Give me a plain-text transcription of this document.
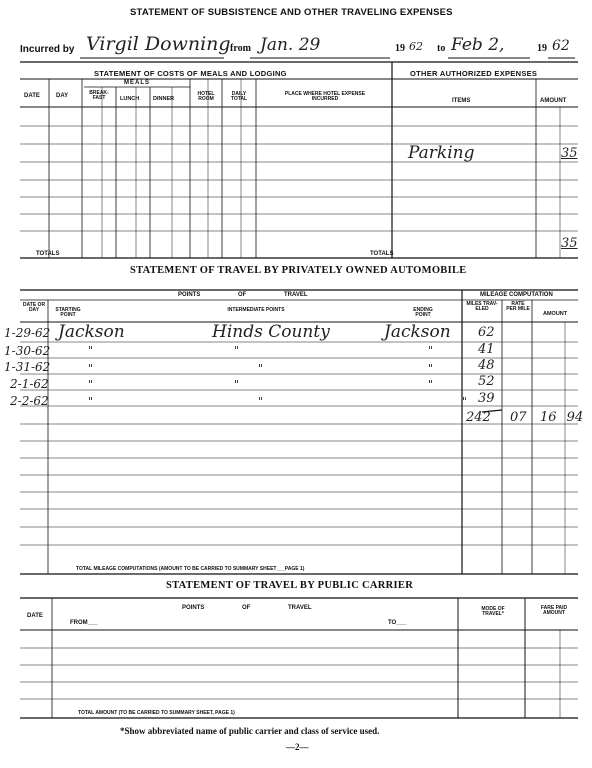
STATEMENT OF SUBSISTENCE AND OTHER TRAVELING EXPENSES
Incurred by Virgil Downing from Jan. 29	19 62 to Feb 2,	19 62
STATEMENT OF COSTS OF MEALS AND LODGING	OTHER AUTHORIZED EXPENSES
DATE	DAY
MEALS
BREAK-FAST	LUNCH	DINNER
HOTEL ROOM
DAILY TOTAL
PLACE WHERE HOTEL EXPENSE INCURRED	ITEMS	AMOUNT
Parking	35
TOTALS	TOTALS
35
STATEMENT OF TRAVEL BY PRIVATELY OWNED AUTOMOBILE
POINTS OF TRAVEL	MILEAGE COMPUTATION
DATE OR DAY	STARTING POINT
INTERMEDIATE POINTS	ENDING POINT
MILES TRAV-ELED
RATE PER MILE
AMOUNT
1-29-62 Jackson	Hinds County	Jackson 62
1-30-62	"	"	"	41
1-31-62	"	"	"	48
2-1-62	"	"	"	52
2-2-62	"	"	" 39
242 07 16 94
TOTAL MILEAGE COMPUTATIONS (AMOUNT TO BE CARRIED TO SUMMARY SHEET___PAGE 1)
STATEMENT OF TRAVEL BY PUBLIC CARRIER
DATE
POINTS OF TRAVEL
FROM___	TO___
MODE OF TRAVEL*
FARE PAID AMOUNT
TOTAL AMOUNT (TO BE CARRIED TO SUMMARY SHEET, PAGE 1)
*Show abbreviated name of public carrier and class of service used.
—2—
